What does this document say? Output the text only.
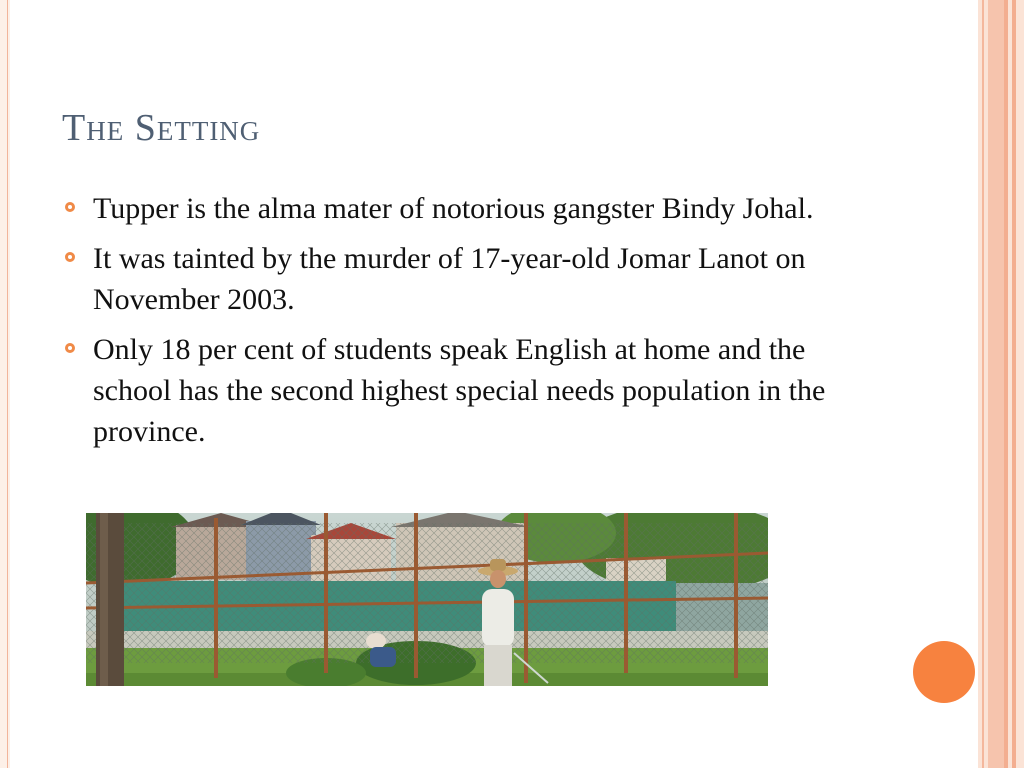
The Setting
Tupper is the alma mater of notorious gangster Bindy Johal.
It was tainted by the murder of 17-year-old Jomar Lanot on November 2003.
Only 18 per cent of students speak English at home and the school has the second highest special needs population in the province.
